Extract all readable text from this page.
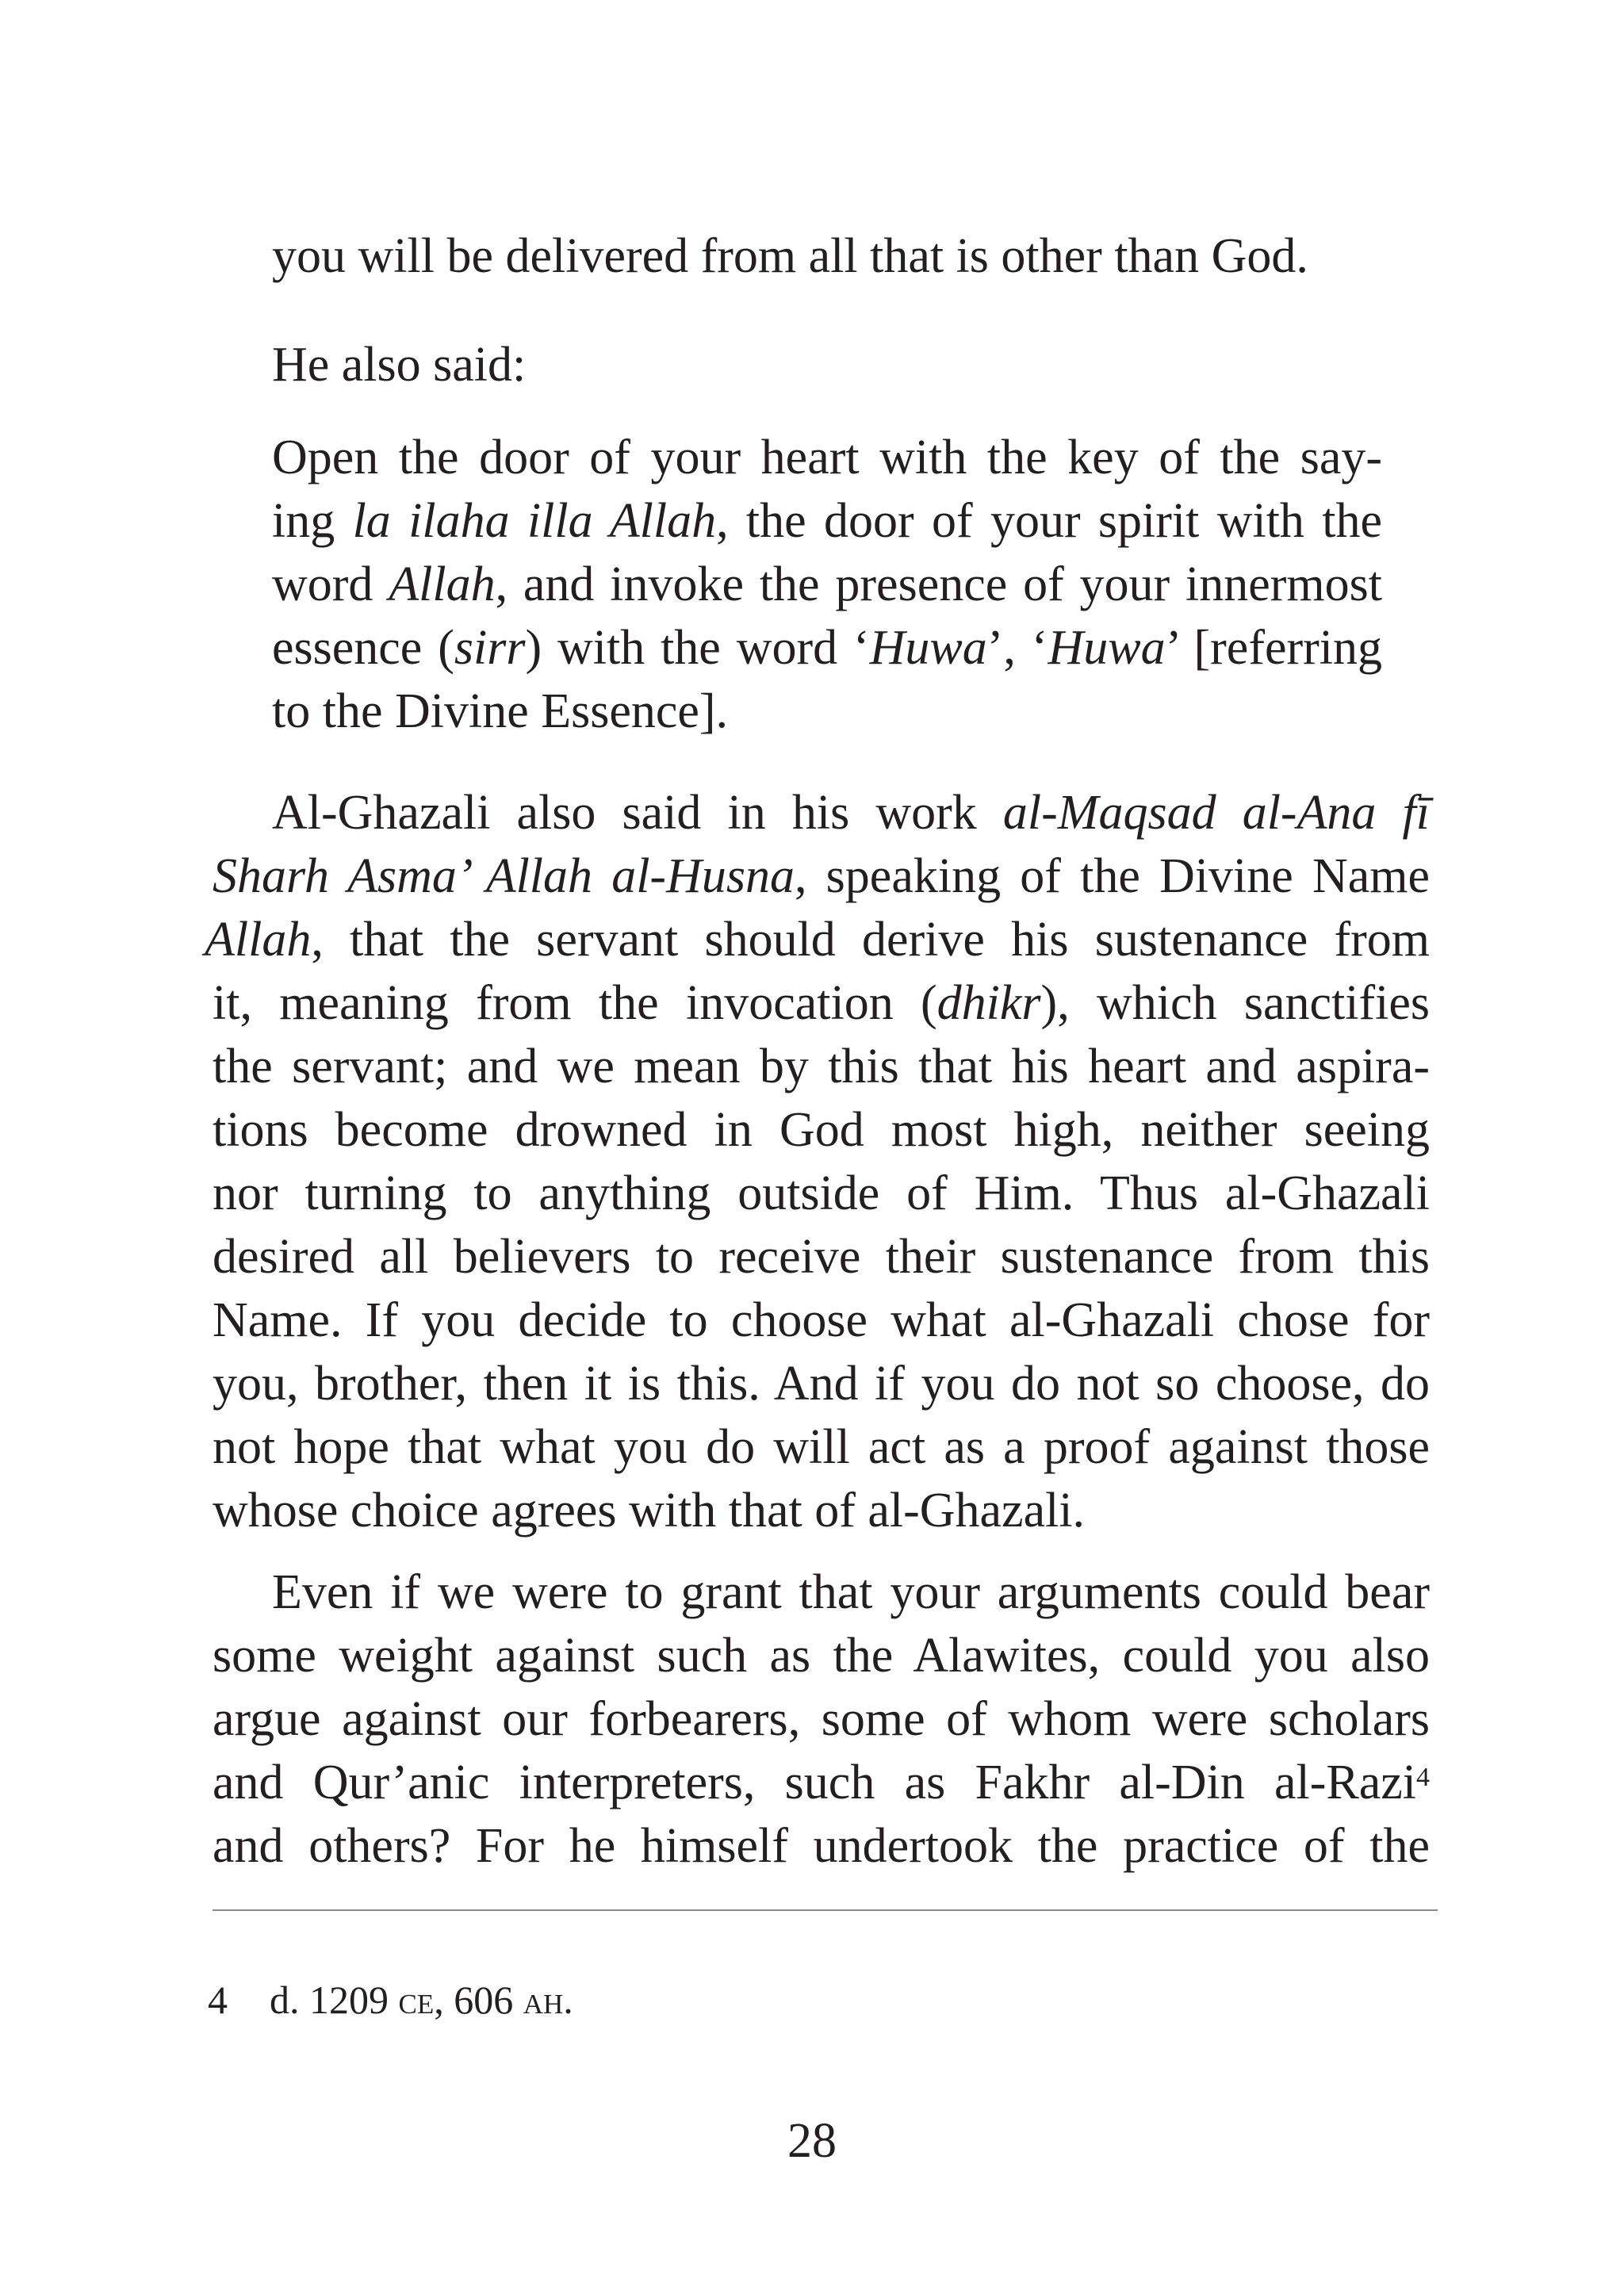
you will be delivered from all that is other than God.

He also said:

Open the door of your heart with the key of the say-

ing la ilaha illa Allah, the door of your spirit with the

word Allah, and invoke the presence of your innermost

essence (sirr) with the word ‘Huwa’, ‘Huwa’ [referring

to the Divine Essence].

Al-Ghazali also said in his work al-Maqsad al-Ana fī

Sharh Asma’ Allah al-Husna, speaking of the Divine Name

Allah, that the servant should derive his sustenance from

it, meaning from the invocation (dhikr), which sanctifies

the servant; and we mean by this that his heart and aspira-

tions become drowned in God most high, neither seeing

nor turning to anything outside of Him. Thus al-Ghazali

desired all believers to receive their sustenance from this

Name. If you decide to choose what al-Ghazali chose for

you, brother, then it is this. And if you do not so choose, do

not hope that what you do will act as a proof against those

whose choice agrees with that of al-Ghazali.

Even if we were to grant that your arguments could bear

some weight against such as the Alawites, could you also

argue against our forbearers, some of whom were scholars

and Qur’anic interpreters, such as Fakhr al-Din al-Razi$^4$

and others? For he himself undertook the practice of the

4 d. 1209 ce, 606 ah.

28
